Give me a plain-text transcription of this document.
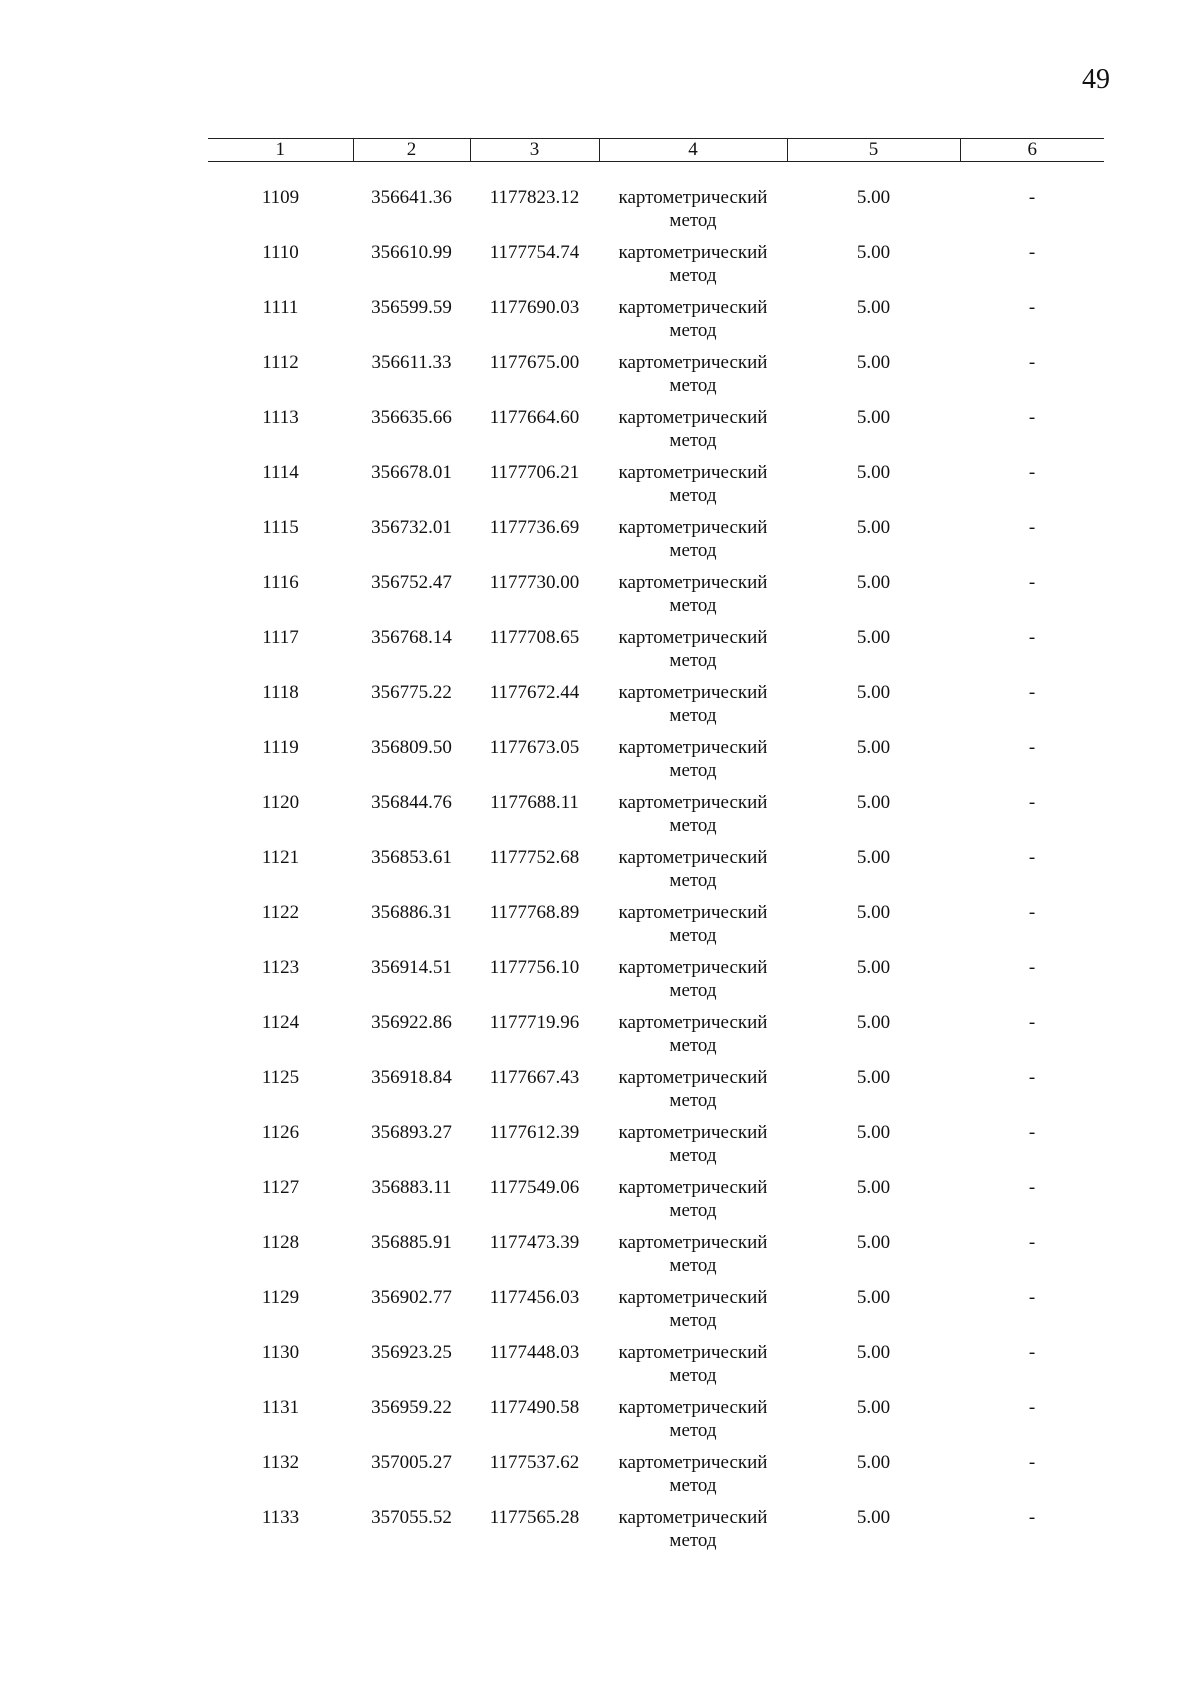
49
1	2	3	4	5	6

1109	356641.36	1177823.12	картометрический
метод	5.00	-
1110	356610.99	1177754.74	картометрический
метод	5.00	-
1111	356599.59	1177690.03	картометрический
метод	5.00	-
1112	356611.33	1177675.00	картометрический
метод	5.00	-
1113	356635.66	1177664.60	картометрический
метод	5.00	-
1114	356678.01	1177706.21	картометрический
метод	5.00	-
1115	356732.01	1177736.69	картометрический
метод	5.00	-
1116	356752.47	1177730.00	картометрический
метод	5.00	-
1117	356768.14	1177708.65	картометрический
метод	5.00	-
1118	356775.22	1177672.44	картометрический
метод	5.00	-
1119	356809.50	1177673.05	картометрический
метод	5.00	-
1120	356844.76	1177688.11	картометрический
метод	5.00	-
1121	356853.61	1177752.68	картометрический
метод	5.00	-
1122	356886.31	1177768.89	картометрический
метод	5.00	-
1123	356914.51	1177756.10	картометрический
метод	5.00	-
1124	356922.86	1177719.96	картометрический
метод	5.00	-
1125	356918.84	1177667.43	картометрический
метод	5.00	-
1126	356893.27	1177612.39	картометрический
метод	5.00	-
1127	356883.11	1177549.06	картометрический
метод	5.00	-
1128	356885.91	1177473.39	картометрический
метод	5.00	-
1129	356902.77	1177456.03	картометрический
метод	5.00	-
1130	356923.25	1177448.03	картометрический
метод	5.00	-
1131	356959.22	1177490.58	картометрический
метод	5.00	-
1132	357005.27	1177537.62	картометрический
метод	5.00	-
1133	357055.52	1177565.28	картометрический
метод	5.00	-
